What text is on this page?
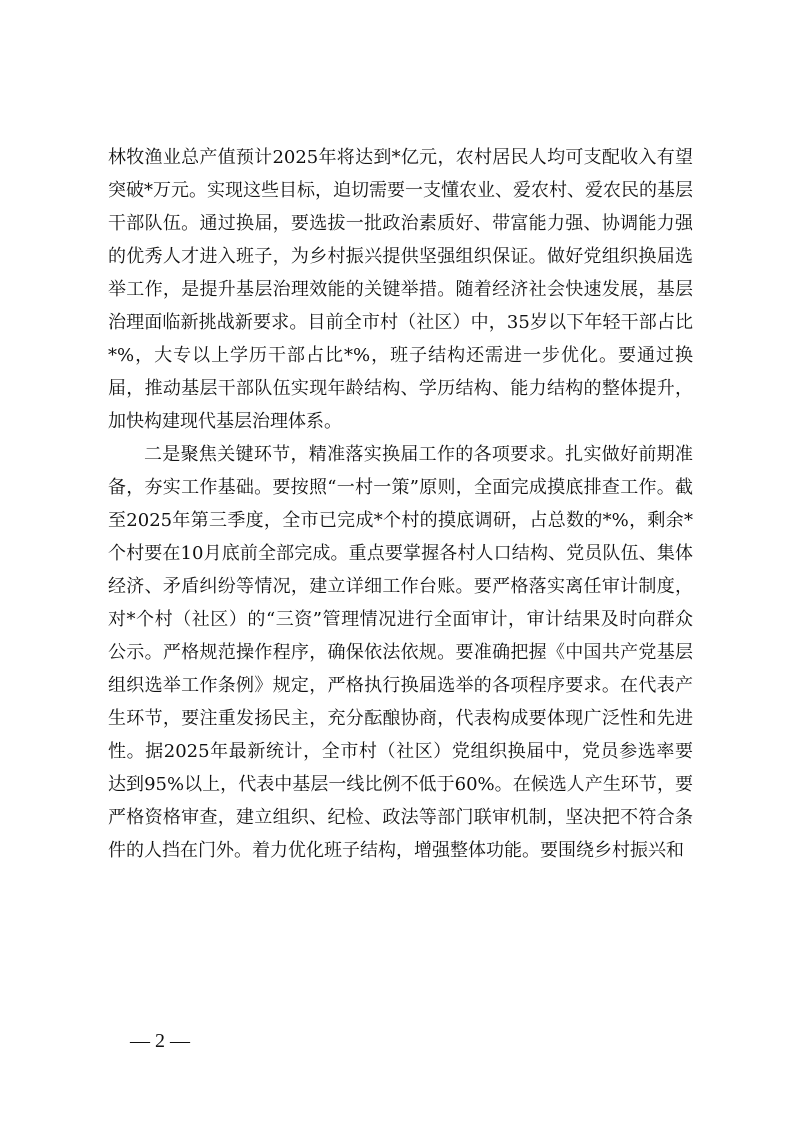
林牧渔业总产值预计2025年将达到*亿元，农村居民人均可支配收入有望突破*万元。实现这些目标，迫切需要一支懂农业、爱农村、爱农民的基层干部队伍。通过换届，要选拔一批政治素质好、带富能力强、协调能力强的优秀人才进入班子，为乡村振兴提供坚强组织保证。做好党组织换届选举工作，是提升基层治理效能的关键举措。随着经济社会快速发展，基层治理面临新挑战新要求。目前全市村（社区）中，35岁以下年轻干部占比*%，大专以上学历干部占比*%，班子结构还需进一步优化。要通过换届，推动基层干部队伍实现年龄结构、学历结构、能力结构的整体提升，加快构建现代基层治理体系。

二是聚焦关键环节，精准落实换届工作的各项要求。扎实做好前期准备，夯实工作基础。要按照“一村一策”原则，全面完成摸底排查工作。截至2025年第三季度，全市已完成*个村的摸底调研，占总数的*%，剩余*个村要在10月底前全部完成。重点要掌握各村人口结构、党员队伍、集体经济、矛盾纠纷等情况，建立详细工作台账。要严格落实离任审计制度，对*个村（社区）的“三资”管理情况进行全面审计，审计结果及时向群众公示。严格规范操作程序，确保依法依规。要准确把握《中国共产党基层组织选举工作条例》规定，严格执行换届选举的各项程序要求。在代表产生环节，要注重发扬民主，充分酝酿协商，代表构成要体现广泛性和先进性。据2025年最新统计，全市村（社区）党组织换届中，党员参选率要达到95%以上，代表中基层一线比例不低于60%。在候选人产生环节，要严格资格审查，建立组织、纪检、政法等部门联审机制，坚决把不符合条件的人挡在门外。着力优化班子结构，增强整体功能。要围绕乡村振兴和

— 2 —
